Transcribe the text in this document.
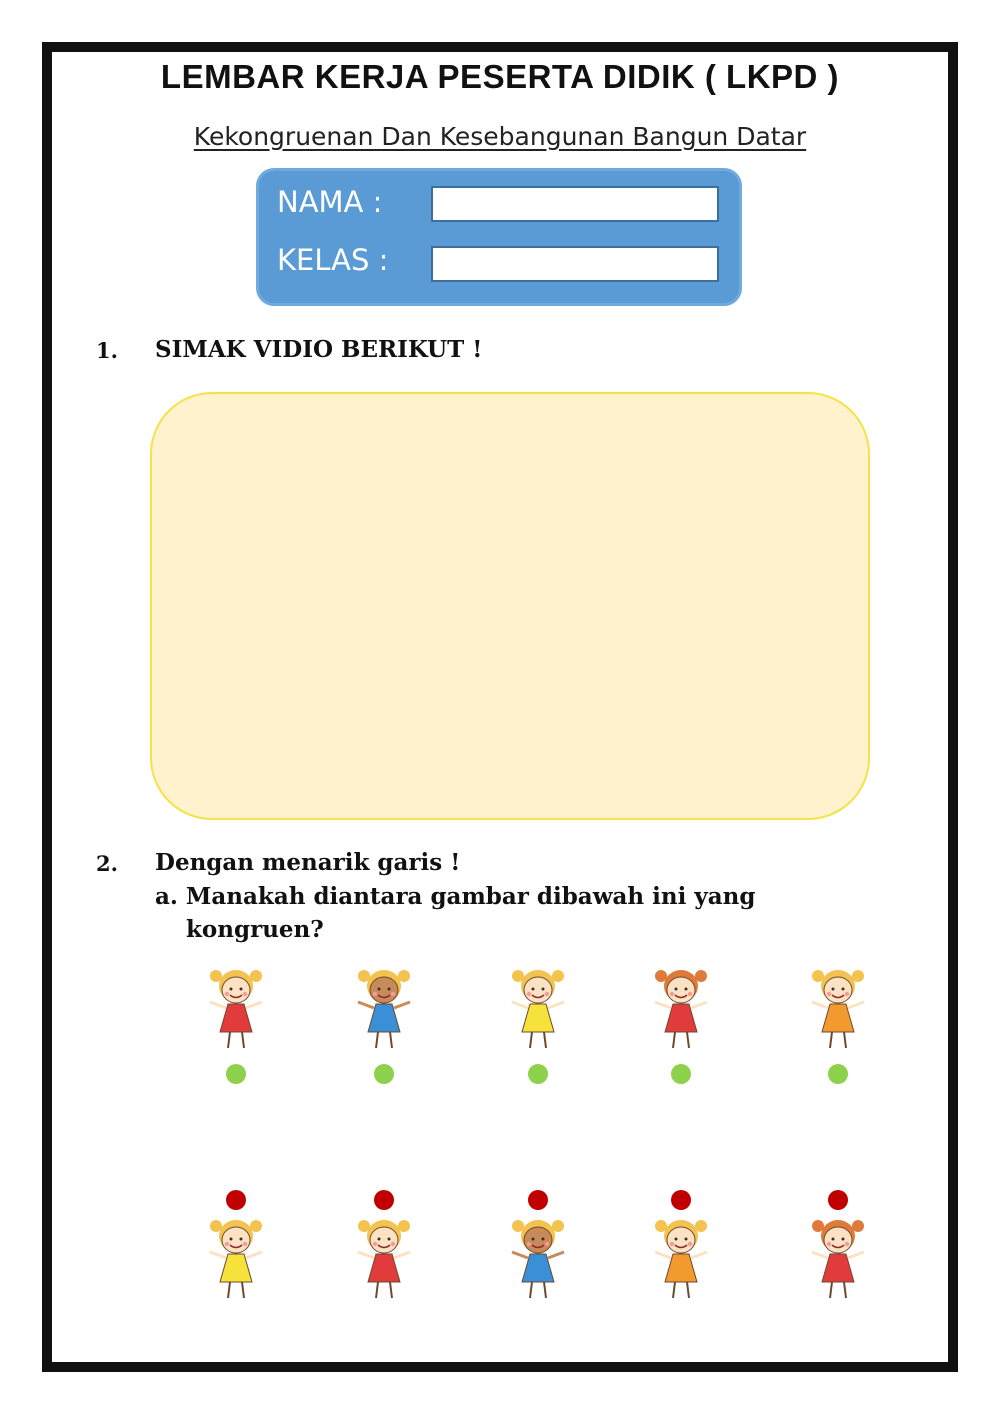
LEMBAR KERJA PESERTA DIDIK ( LKPD )
Kekongruenan Dan Kesebangunan Bangun Datar
NAMA :
KELAS :
1. SIMAK VIDIO BERIKUT !
2. Dengan menarik garis !
a. Manakah diantara gambar dibawah ini yang
kongruen?
